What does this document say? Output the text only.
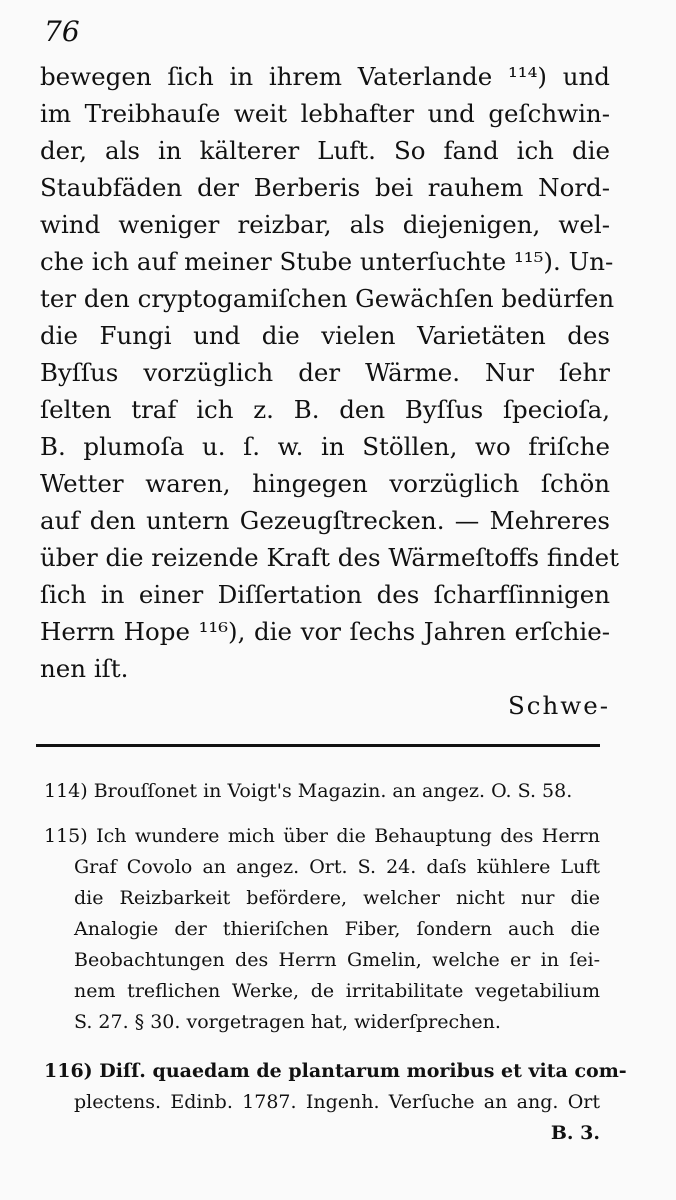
76
bewegen ſich in ihrem Vaterlande ¹¹⁴) und
im Treibhauſe weit lebhafter und geſchwin-
der, als in kälterer Luft. So fand ich die
Staubfäden der Berberis bei rauhem Nord-
wind weniger reizbar, als diejenigen, wel-
che ich auf meiner Stube unterſuchte ¹¹⁵). Un-
ter den cryptogamiſchen Gewächſen bedürfen
die Fungi und die vielen Varietäten des
Byſſus vorzüglich der Wärme. Nur ſehr
ſelten traf ich z. B. den Byſſus ſpecioſa,
B. plumoſa u. ſ. w. in Stöllen, wo friſche
Wetter waren, hingegen vorzüglich ſchön
auf den untern Gezeugſtrecken. — Mehreres
über die reizende Kraft des Wärmeſtoffs findet
ſich in einer Diſſertation des ſcharfſinnigen
Herrn Hope ¹¹⁶), die vor ſechs Jahren erſchie-
nen iſt.
Schwe-
114) Brouſſonet in Voigt's Magazin. an angez. O. S. 58.
115) Ich wundere mich über die Behauptung des Herrn
Graf Covolo an angez. Ort. S. 24. daſs kühlere Luft
die Reizbarkeit befördere, welcher nicht nur die
Analogie der thieriſchen Fiber, ſondern auch die
Beobachtungen des Herrn Gmelin, welche er in ſei-
nem treflichen Werke, de irritabilitate vegetabilium
S. 27. § 30. vorgetragen hat, widerſprechen.
116) Diſſ. quaedam de plantarum moribus et vita com-
plectens. Edinb. 1787. Ingenh. Verſuche an ang. Ort
B. 3.
